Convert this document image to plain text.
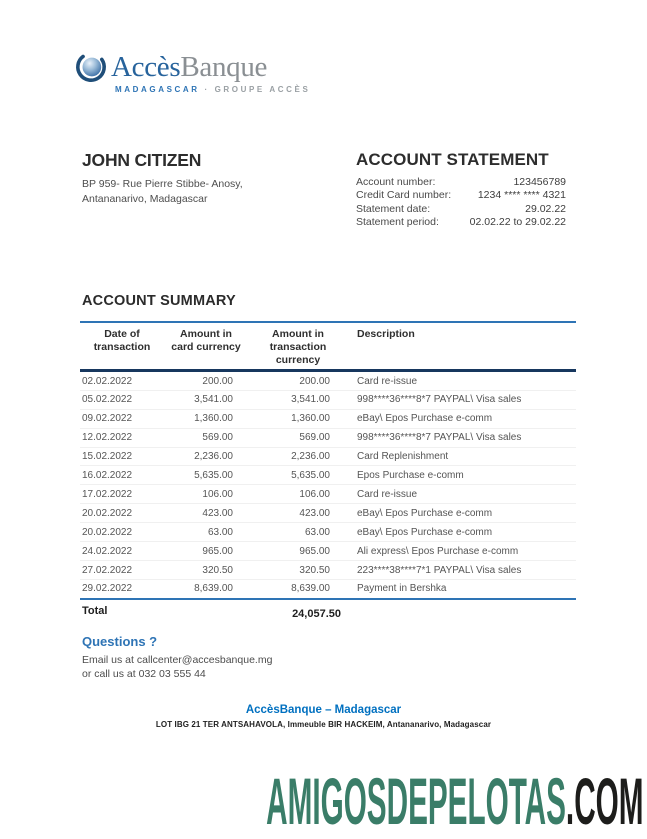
AccèsBanque
MADAGASCAR · GROUPE ACCÈS
JOHN CITIZEN
BP 959- Rue Pierre Stibbe- Anosy,
Antananarivo, Madagascar
ACCOUNT STATEMENT
Account number:	123456789
Credit Card number:	1234 **** **** 4321
Statement date:	29.02.22
Statement period:	02.02.22 to 29.02.22
ACCOUNT SUMMARY
Date of
transaction
Amount in
card currency
Amount in transaction
currency
Description
02.02.2022	200.00	200.00	Card re-issue
05.02.2022	3,541.00	3,541.00	998****36****8*7 PAYPAL\ Visa sales
09.02.2022	1,360.00	1,360.00	eBay\ Epos Purchase e-comm
12.02.2022	569.00	569.00	998****36****8*7 PAYPAL\ Visa sales
15.02.2022	2,236.00	2,236.00	Card Replenishment
16.02.2022	5,635.00	5,635.00	Epos Purchase e-comm
17.02.2022	106.00	106.00	Card re-issue
20.02.2022	423.00	423.00	eBay\ Epos Purchase e-comm
20.02.2022	63.00	63.00	eBay\ Epos Purchase e-comm
24.02.2022	965.00	965.00	Ali express\ Epos Purchase e-comm
27.02.2022	320.50	320.50	223****38****7*1 PAYPAL\ Visa sales
29.02.2022	8,639.00	8,639.00	Payment in Bershka
Total	24,057.50
Questions ?
Email us at callcenter@accesbanque.mg
or call us at 032 03 555 44
AccèsBanque – Madagascar
LOT IBG 21 TER ANTSAHAVOLA, Immeuble BIR HACKEIM, Antananarivo, Madagascar
AMIGOSDEPELOTAS.COM
